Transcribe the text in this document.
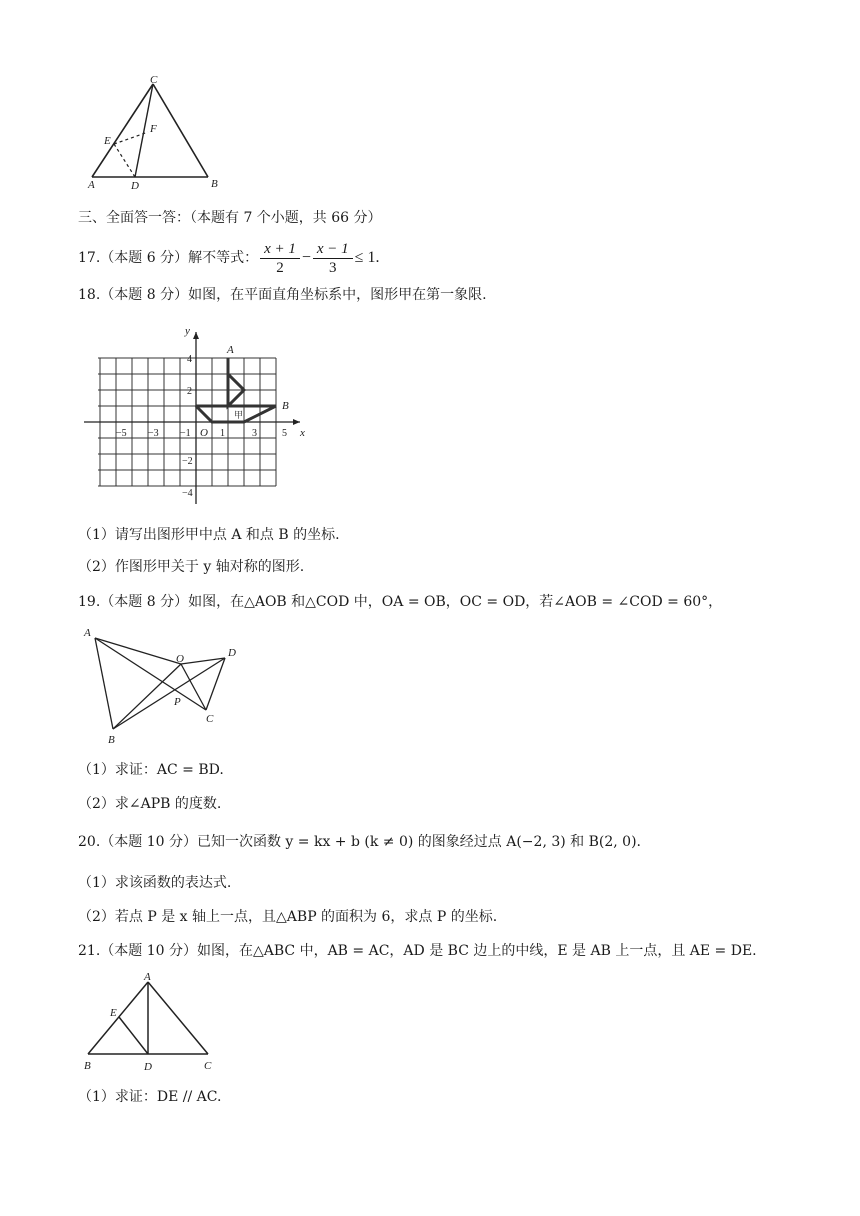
C
E
F
A	D	B
三、全面答一答：（本题有 7 个小题，共 66 分）
17.（本题 6 分）解不等式： $\frac{x + 1}{2} - \frac{x - 1}{3} \le 1$.
18.（本题 8 分）如图，在平面直角坐标系中，图形甲在第一象限.
y
x
O
A
B
甲
−5 −3 −1	1	3	5
4
2
−2
−4
（1）请写出图形甲中点 A 和点 B 的坐标.
（2）作图形甲关于 y 轴对称的图形.
19.（本题 8 分）如图，在△AOB 和△COD 中，OA = OB，OC = OD，若∠AOB = ∠COD = 60°，
A
O	D
P
C
B
（1）求证：AC = BD.
（2）求∠APB 的度数.
20.（本题 10 分）已知一次函数 y = kx + b (k ≠ 0) 的图象经过点 A(−2, 3) 和 B(2, 0).
（1）求该函数的表达式.
（2）若点 P 是 x 轴上一点，且△ABP 的面积为 6，求点 P 的坐标.
21.（本题 10 分）如图，在△ABC 中，AB = AC，AD 是 BC 边上的中线，E 是 AB 上一点，且 AE = DE.
A
E
B	D	C
（1）求证：DE // AC.
